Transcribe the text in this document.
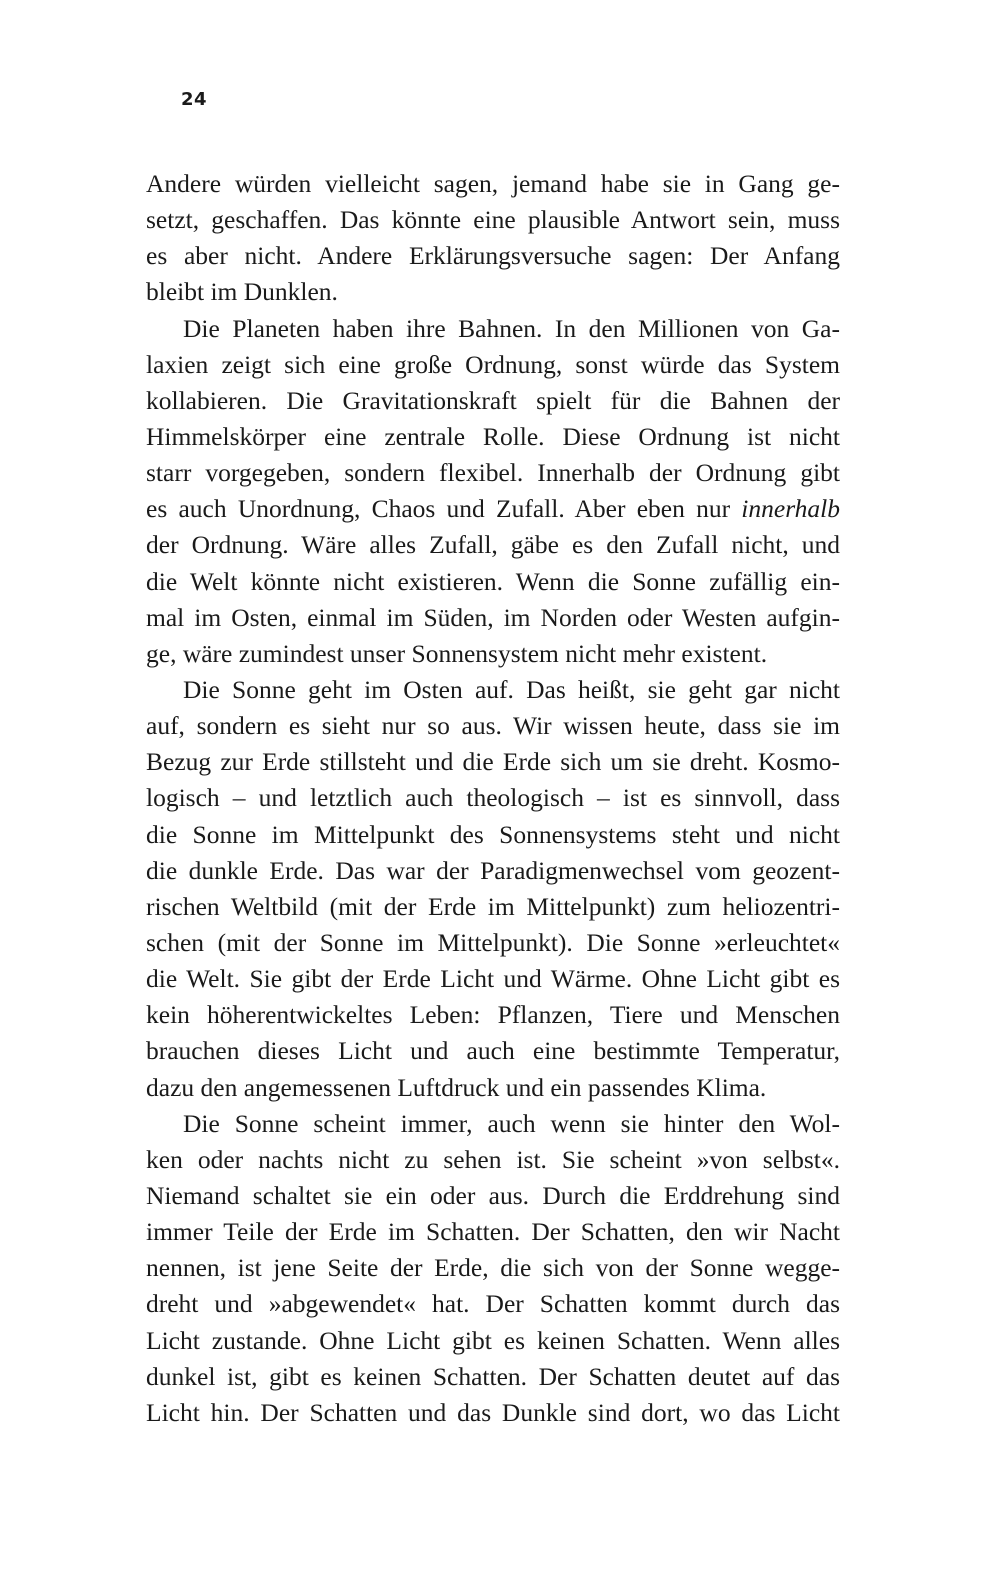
24
Andere würden vielleicht sagen, jemand habe sie in Gang ge-
setzt, geschaffen. Das könnte eine plausible Antwort sein, muss
es aber nicht. Andere Erklärungsversuche sagen: Der Anfang
bleibt im Dunklen.
Die Planeten haben ihre Bahnen. In den Millionen von Ga-
laxien zeigt sich eine große Ordnung, sonst würde das System
kollabieren. Die Gravitationskraft spielt für die Bahnen der
Himmelskörper eine zentrale Rolle. Diese Ordnung ist nicht
starr vorgegeben, sondern flexibel. Innerhalb der Ordnung gibt
es auch Unordnung, Chaos und Zufall. Aber eben nur innerhalb
der Ordnung. Wäre alles Zufall, gäbe es den Zufall nicht, und
die Welt könnte nicht existieren. Wenn die Sonne zufällig ein-
mal im Osten, einmal im Süden, im Norden oder Westen aufgin-
ge, wäre zumindest unser Sonnensystem nicht mehr existent.
Die Sonne geht im Osten auf. Das heißt, sie geht gar nicht
auf, sondern es sieht nur so aus. Wir wissen heute, dass sie im
Bezug zur Erde stillsteht und die Erde sich um sie dreht. Kosmo-
logisch – und letztlich auch theologisch – ist es sinnvoll, dass
die Sonne im Mittelpunkt des Sonnensystems steht und nicht
die dunkle Erde. Das war der Paradigmenwechsel vom geozent-
rischen Weltbild (mit der Erde im Mittelpunkt) zum heliozentri-
schen (mit der Sonne im Mittelpunkt). Die Sonne »erleuchtet«
die Welt. Sie gibt der Erde Licht und Wärme. Ohne Licht gibt es
kein höherentwickeltes Leben: Pflanzen, Tiere und Menschen
brauchen dieses Licht und auch eine bestimmte Temperatur,
dazu den angemessenen Luftdruck und ein passendes Klima.
Die Sonne scheint immer, auch wenn sie hinter den Wol-
ken oder nachts nicht zu sehen ist. Sie scheint »von selbst«.
Niemand schaltet sie ein oder aus. Durch die Erddrehung sind
immer Teile der Erde im Schatten. Der Schatten, den wir Nacht
nennen, ist jene Seite der Erde, die sich von der Sonne wegge-
dreht und »abgewendet« hat. Der Schatten kommt durch das
Licht zustande. Ohne Licht gibt es keinen Schatten. Wenn alles
dunkel ist, gibt es keinen Schatten. Der Schatten deutet auf das
Licht hin. Der Schatten und das Dunkle sind dort, wo das Licht
